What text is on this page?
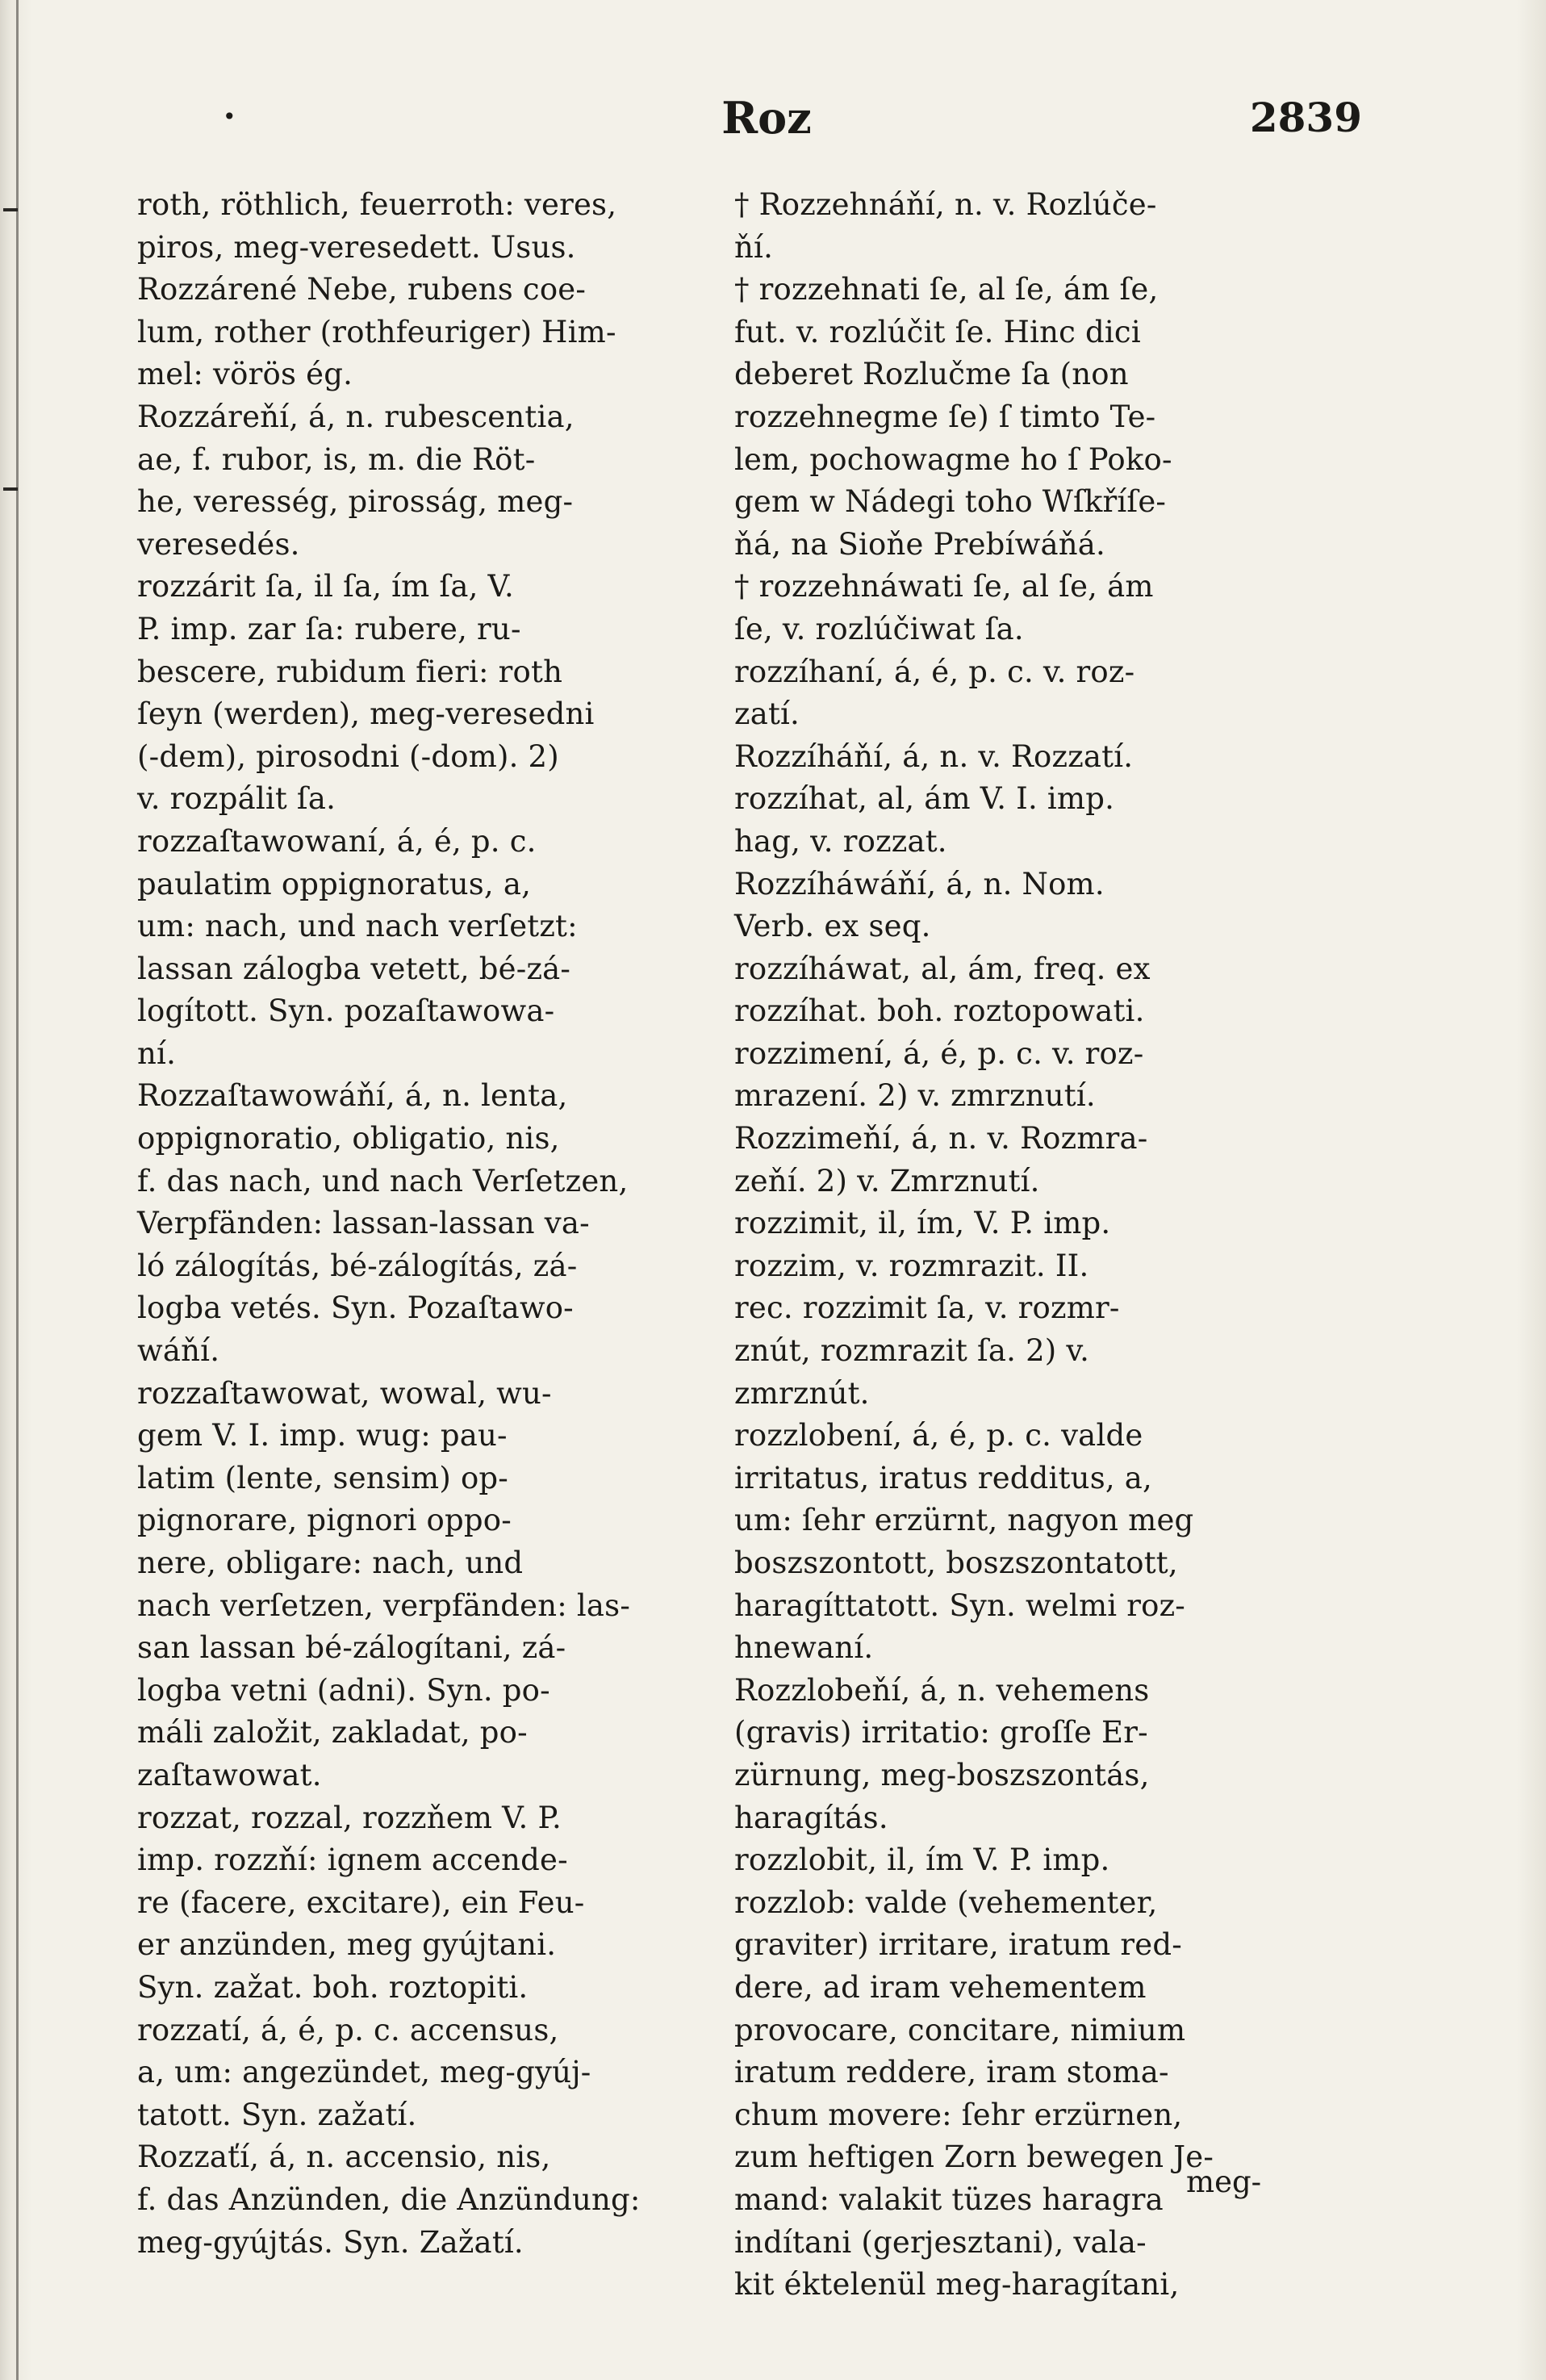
•	Roz	2839
roth, röthlich, feuerroth: veres,
piros, meg-veresedett. Usus.
Rozzárené Nebe, rubens coe-
lum, rother (rothfeuriger) Him-
mel: vörös ég.
Rozzáreňí, á, n. rubescentia,
ae, f. rubor, is, m. die Röt-
he, veresség, pirosság, meg-
veresedés.
rozzárit ſa, il ſa, ím ſa, V.
P. imp. zar ſa: rubere, ru-
bescere, rubidum fieri: roth
ſeyn (werden), meg-veresedni
(-dem), pirosodni (-dom). 2)
v. rozpálit ſa.
rozzaſtawowaní, á, é, p. c.
paulatim oppignoratus, a,
um: nach, und nach verſetzt:
lassan zálogba vetett, bé-zá-
logított. Syn. pozaſtawowa-
ní.
Rozzaſtawowáňí, á, n. lenta,
oppignoratio, obligatio, nis,
f. das nach, und nach Verſetzen,
Verpfänden: lassan-lassan va-
ló zálogítás, bé-zálogítás, zá-
logba vetés. Syn. Pozaſtawo-
wáňí.
rozzaſtawowat, wowal, wu-
gem V. I. imp. wug: pau-
latim (lente, sensim) op-
pignorare, pignori oppo-
nere, obligare: nach, und
nach verſetzen, verpfänden: las-
san lassan bé-zálogítani, zá-
logba vetni (adni). Syn. po-
máli založit, zakladat, po-
zaſtawowat.
rozzat, rozzal, rozzňem V. P.
imp. rozzňí: ignem accende-
re (facere, excitare), ein Feu-
er anzünden, meg gyújtani.
Syn. zažat. boh. roztopiti.
rozzatí, á, é, p. c. accensus,
a, um: angezündet, meg-gyúj-
tatott. Syn. zažatí.
Rozzaťí, á, n. accensio, nis,
f. das Anzünden, die Anzündung:
meg-gyújtás. Syn. Zažatí.
† Rozzehnáňí, n. v. Rozlúče-
ňí.
† rozzehnati ſe, al ſe, ám ſe,
fut. v. rozlúčit ſe. Hinc dici
deberet Rozlučme ſa (non
rozzehnegme ſe) ſ timto Te-
lem, pochowagme ho ſ Poko-
gem w Nádegi toho Wſkříſe-
ňá, na Sioňe Prebíwáňá.
† rozzehnáwati ſe, al ſe, ám
ſe, v. rozlúčiwat ſa.
rozzíhaní, á, é, p. c. v. roz-
zatí.
Rozzíháňí, á, n. v. Rozzatí.
rozzíhat, al, ám V. I. imp.
hag, v. rozzat.
Rozzíháwáňí, á, n. Nom.
Verb. ex seq.
rozzíháwat, al, ám, freq. ex
rozzíhat. boh. roztopowati.
rozzimení, á, é, p. c. v. roz-
mrazení. 2) v. zmrznutí.
Rozzimeňí, á, n. v. Rozmra-
zeňí. 2) v. Zmrznutí.
rozzimit, il, ím, V. P. imp.
rozzim, v. rozmrazit. II.
rec. rozzimit ſa, v. rozmr-
znút, rozmrazit ſa. 2) v.
zmrznút.
rozzlobení, á, é, p. c. valde
irritatus, iratus redditus, a,
um: ſehr erzürnt, nagyon meg
boszszontott, boszszontatott,
haragíttatott. Syn. welmi roz-
hnewaní.
Rozzlobeňí, á, n. vehemens
(gravis) irritatio: groſſe Er-
zürnung, meg-boszszontás,
haragítás.
rozzlobit, il, ím V. P. imp.
rozzlob: valde (vehementer,
graviter) irritare, iratum red-
dere, ad iram vehementem
provocare, concitare, nimium
iratum reddere, iram stoma-
chum movere: ſehr erzürnen,
zum heftigen Zorn bewegen Je-
mand: valakit tüzes haragra
indítani (gerjesztani), vala-
kit éktelenül meg-haragítani,
meg-
